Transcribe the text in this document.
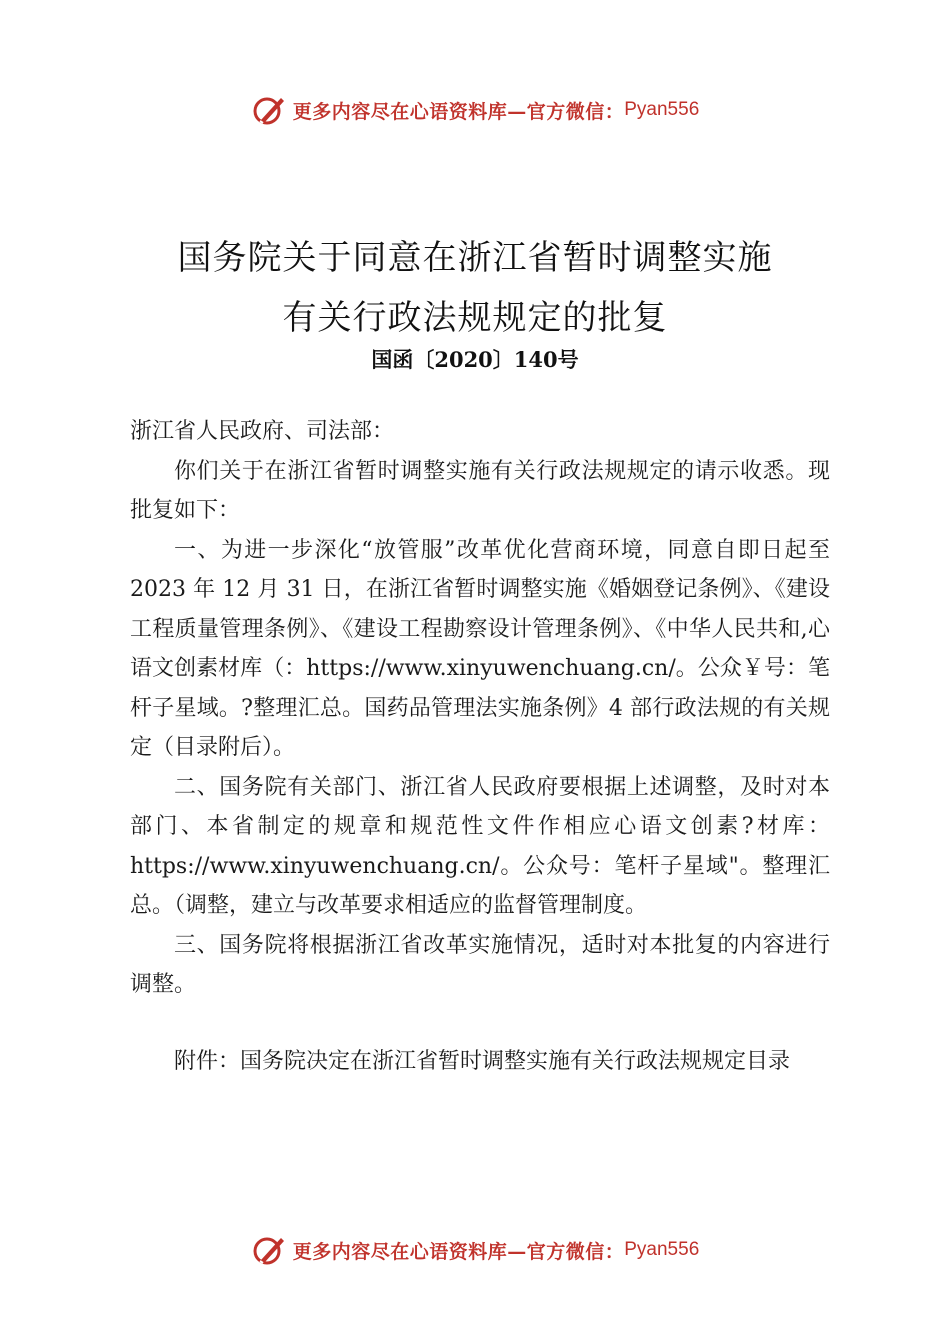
更多内容尽在心语资料库—官方微信： Pyan556
国务院关于同意在浙江省暂时调整实施
有关行政法规规定的批复
国函〔2020〕140号

浙江省人民政府、司法部：

你们关于在浙江省暂时调整实施有关行政法规规定的请示收悉。现批复如下：

一、为进一步深化“放管服”改革优化营商环境，同意自即日起至 2023 年 12 月 31 日，在浙江省暂时调整实施《婚姻登记条例》、《建设工程质量管理条例》、《建设工程勘察设计管理条例》、《中华人民共和,心语文创素材库（：https://www.xinyuwenchuang.cn/。公众￥号：笔杆子星域。?整理汇总。国药品管理法实施条例》4 部行政法规的有关规定（目录附后）。

二、国务院有关部门、浙江省人民政府要根据上述调整，及时对本部门、本省制定的规章和规范性文件作相应心语文创素?材库：https://www.xinyuwenchuang.cn/。公众号：笔杆子星域"。整理汇总。（调整，建立与改革要求相适应的监督管理制度。

三、国务院将根据浙江省改革实施情况，适时对本批复的内容进行调整。

附件：国务院决定在浙江省暂时调整实施有关行政法规规定目录

更多内容尽在心语资料库—官方微信： Pyan556
